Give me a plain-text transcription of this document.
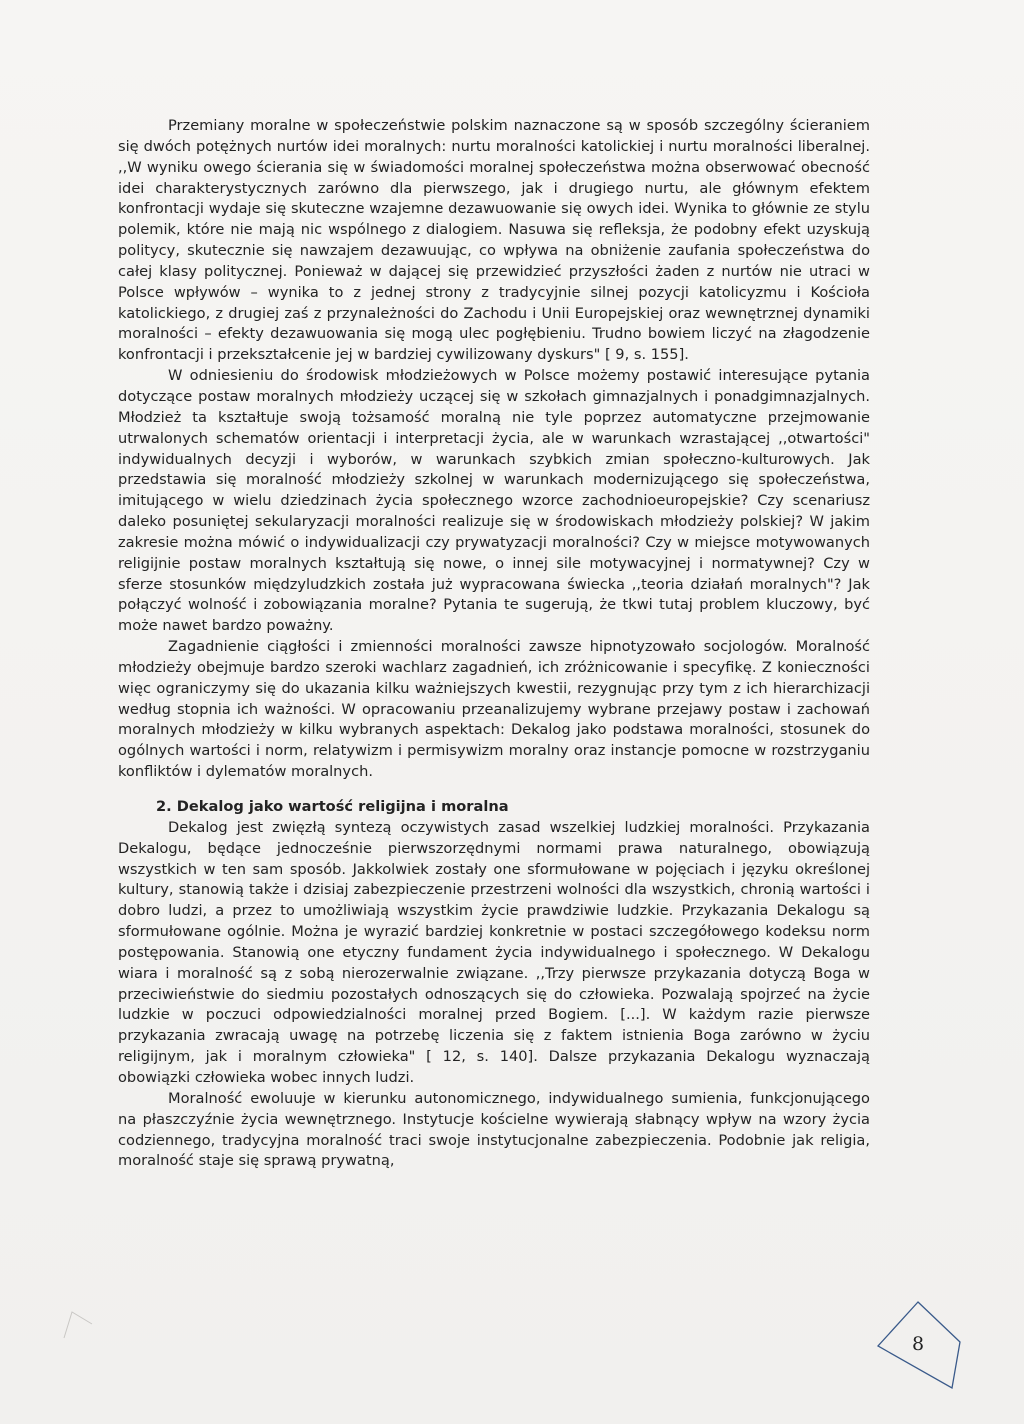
Przemiany moralne w społeczeństwie polskim naznaczone są w sposób szczególny ścieraniem się dwóch potężnych nurtów idei moralnych: nurtu moralności katolickiej i nurtu moralności liberalnej. ,,W wyniku owego ścierania się w świadomości moralnej społeczeństwa można obserwować obecność idei charakterystycznych zarówno dla pierwszego, jak i drugiego nurtu, ale głównym efektem konfrontacji wydaje się skuteczne wzajemne dezawuowanie się owych idei. Wynika to głównie ze stylu polemik, które nie mają nic wspólnego z dialogiem. Nasuwa się refleksja, że podobny efekt uzyskują politycy, skutecznie się nawzajem dezawuując, co wpływa na obniżenie zaufania społeczeństwa do całej klasy politycznej. Ponieważ w dającej się przewidzieć przyszłości żaden z nurtów nie utraci w Polsce wpływów – wynika to z jednej strony z tradycyjnie silnej pozycji katolicyzmu i Kościoła katolickiego, z drugiej zaś z przynależności do Zachodu i Unii Europejskiej oraz wewnętrznej dynamiki moralności – efekty dezawuowania się mogą ulec pogłębieniu. Trudno bowiem liczyć na złagodzenie konfrontacji i przekształcenie jej w bardziej cywilizowany dyskurs" [ 9, s. 155].

W odniesieniu do środowisk młodzieżowych w Polsce możemy postawić interesujące pytania dotyczące postaw moralnych młodzieży uczącej się w szkołach gimnazjalnych i ponadgimnazjalnych. Młodzież ta kształtuje swoją tożsamość moralną nie tyle poprzez automatyczne przejmowanie utrwalonych schematów orientacji i interpretacji życia, ale w warunkach wzrastającej ,,otwartości" indywidualnych decyzji i wyborów, w warunkach szybkich zmian społeczno-kulturowych. Jak przedstawia się moralność młodzieży szkolnej w warunkach modernizującego się społeczeństwa, imitującego w wielu dziedzinach życia społecznego wzorce zachodnioeuropejskie? Czy scenariusz daleko posuniętej sekularyzacji moralności realizuje się w środowiskach młodzieży polskiej? W jakim zakresie można mówić o indywidualizacji czy prywatyzacji moralności? Czy w miejsce motywowanych religijnie postaw moralnych kształtują się nowe, o innej sile motywacyjnej i normatywnej? Czy w sferze stosunków międzyludzkich została już wypracowana świecka ,,teoria działań moralnych"? Jak połączyć wolność i zobowiązania moralne? Pytania te sugerują, że tkwi tutaj problem kluczowy, być może nawet bardzo poważny.

Zagadnienie ciągłości i zmienności moralności zawsze hipnotyzowało socjologów. Moralność młodzieży obejmuje bardzo szeroki wachlarz zagadnień, ich zróżnicowanie i specyfikę. Z konieczności więc ograniczymy się do ukazania kilku ważniejszych kwestii, rezygnując przy tym z ich hierarchizacji według stopnia ich ważności. W opracowaniu przeanalizujemy wybrane przejawy postaw i zachowań moralnych młodzieży w kilku wybranych aspektach: Dekalog jako podstawa moralności, stosunek do ogólnych wartości i norm, relatywizm i permisywizm moralny oraz instancje pomocne w rozstrzyganiu konfliktów i dylematów moralnych.

2. Dekalog jako wartość religijna i moralna

Dekalog jest zwięzłą syntezą oczywistych zasad wszelkiej ludzkiej moralności. Przykazania Dekalogu, będące jednocześnie pierwszorzędnymi normami prawa naturalnego, obowiązują wszystkich w ten sam sposób. Jakkolwiek zostały one sformułowane w pojęciach i języku określonej kultury, stanowią także i dzisiaj zabezpieczenie przestrzeni wolności dla wszystkich, chronią wartości i dobro ludzi, a przez to umożliwiają wszystkim życie prawdziwie ludzkie. Przykazania Dekalogu są sformułowane ogólnie. Można je wyrazić bardziej konkretnie w postaci szczegółowego kodeksu norm postępowania. Stanowią one etyczny fundament życia indywidualnego i społecznego. W Dekalogu wiara i moralność są z sobą nierozerwalnie związane. ,,Trzy pierwsze przykazania dotyczą Boga w przeciwieństwie do siedmiu pozostałych odnoszących się do człowieka. Pozwalają spojrzeć na życie ludzkie w poczuci odpowiedzialności moralnej przed Bogiem. [...]. W każdym razie pierwsze przykazania zwracają uwagę na potrzebę liczenia się z faktem istnienia Boga zarówno w życiu religijnym, jak i moralnym człowieka" [ 12, s. 140]. Dalsze przykazania Dekalogu wyznaczają obowiązki człowieka wobec innych ludzi.

Moralność ewoluuje w kierunku autonomicznego, indywidualnego sumienia, funkcjonującego na płaszczyźnie życia wewnętrznego. Instytucje kościelne wywierają słabnący wpływ na wzory życia codziennego, tradycyjna moralność traci swoje instytucjonalne zabezpieczenia. Podobnie jak religia, moralność staje się sprawą prywatną,

8
